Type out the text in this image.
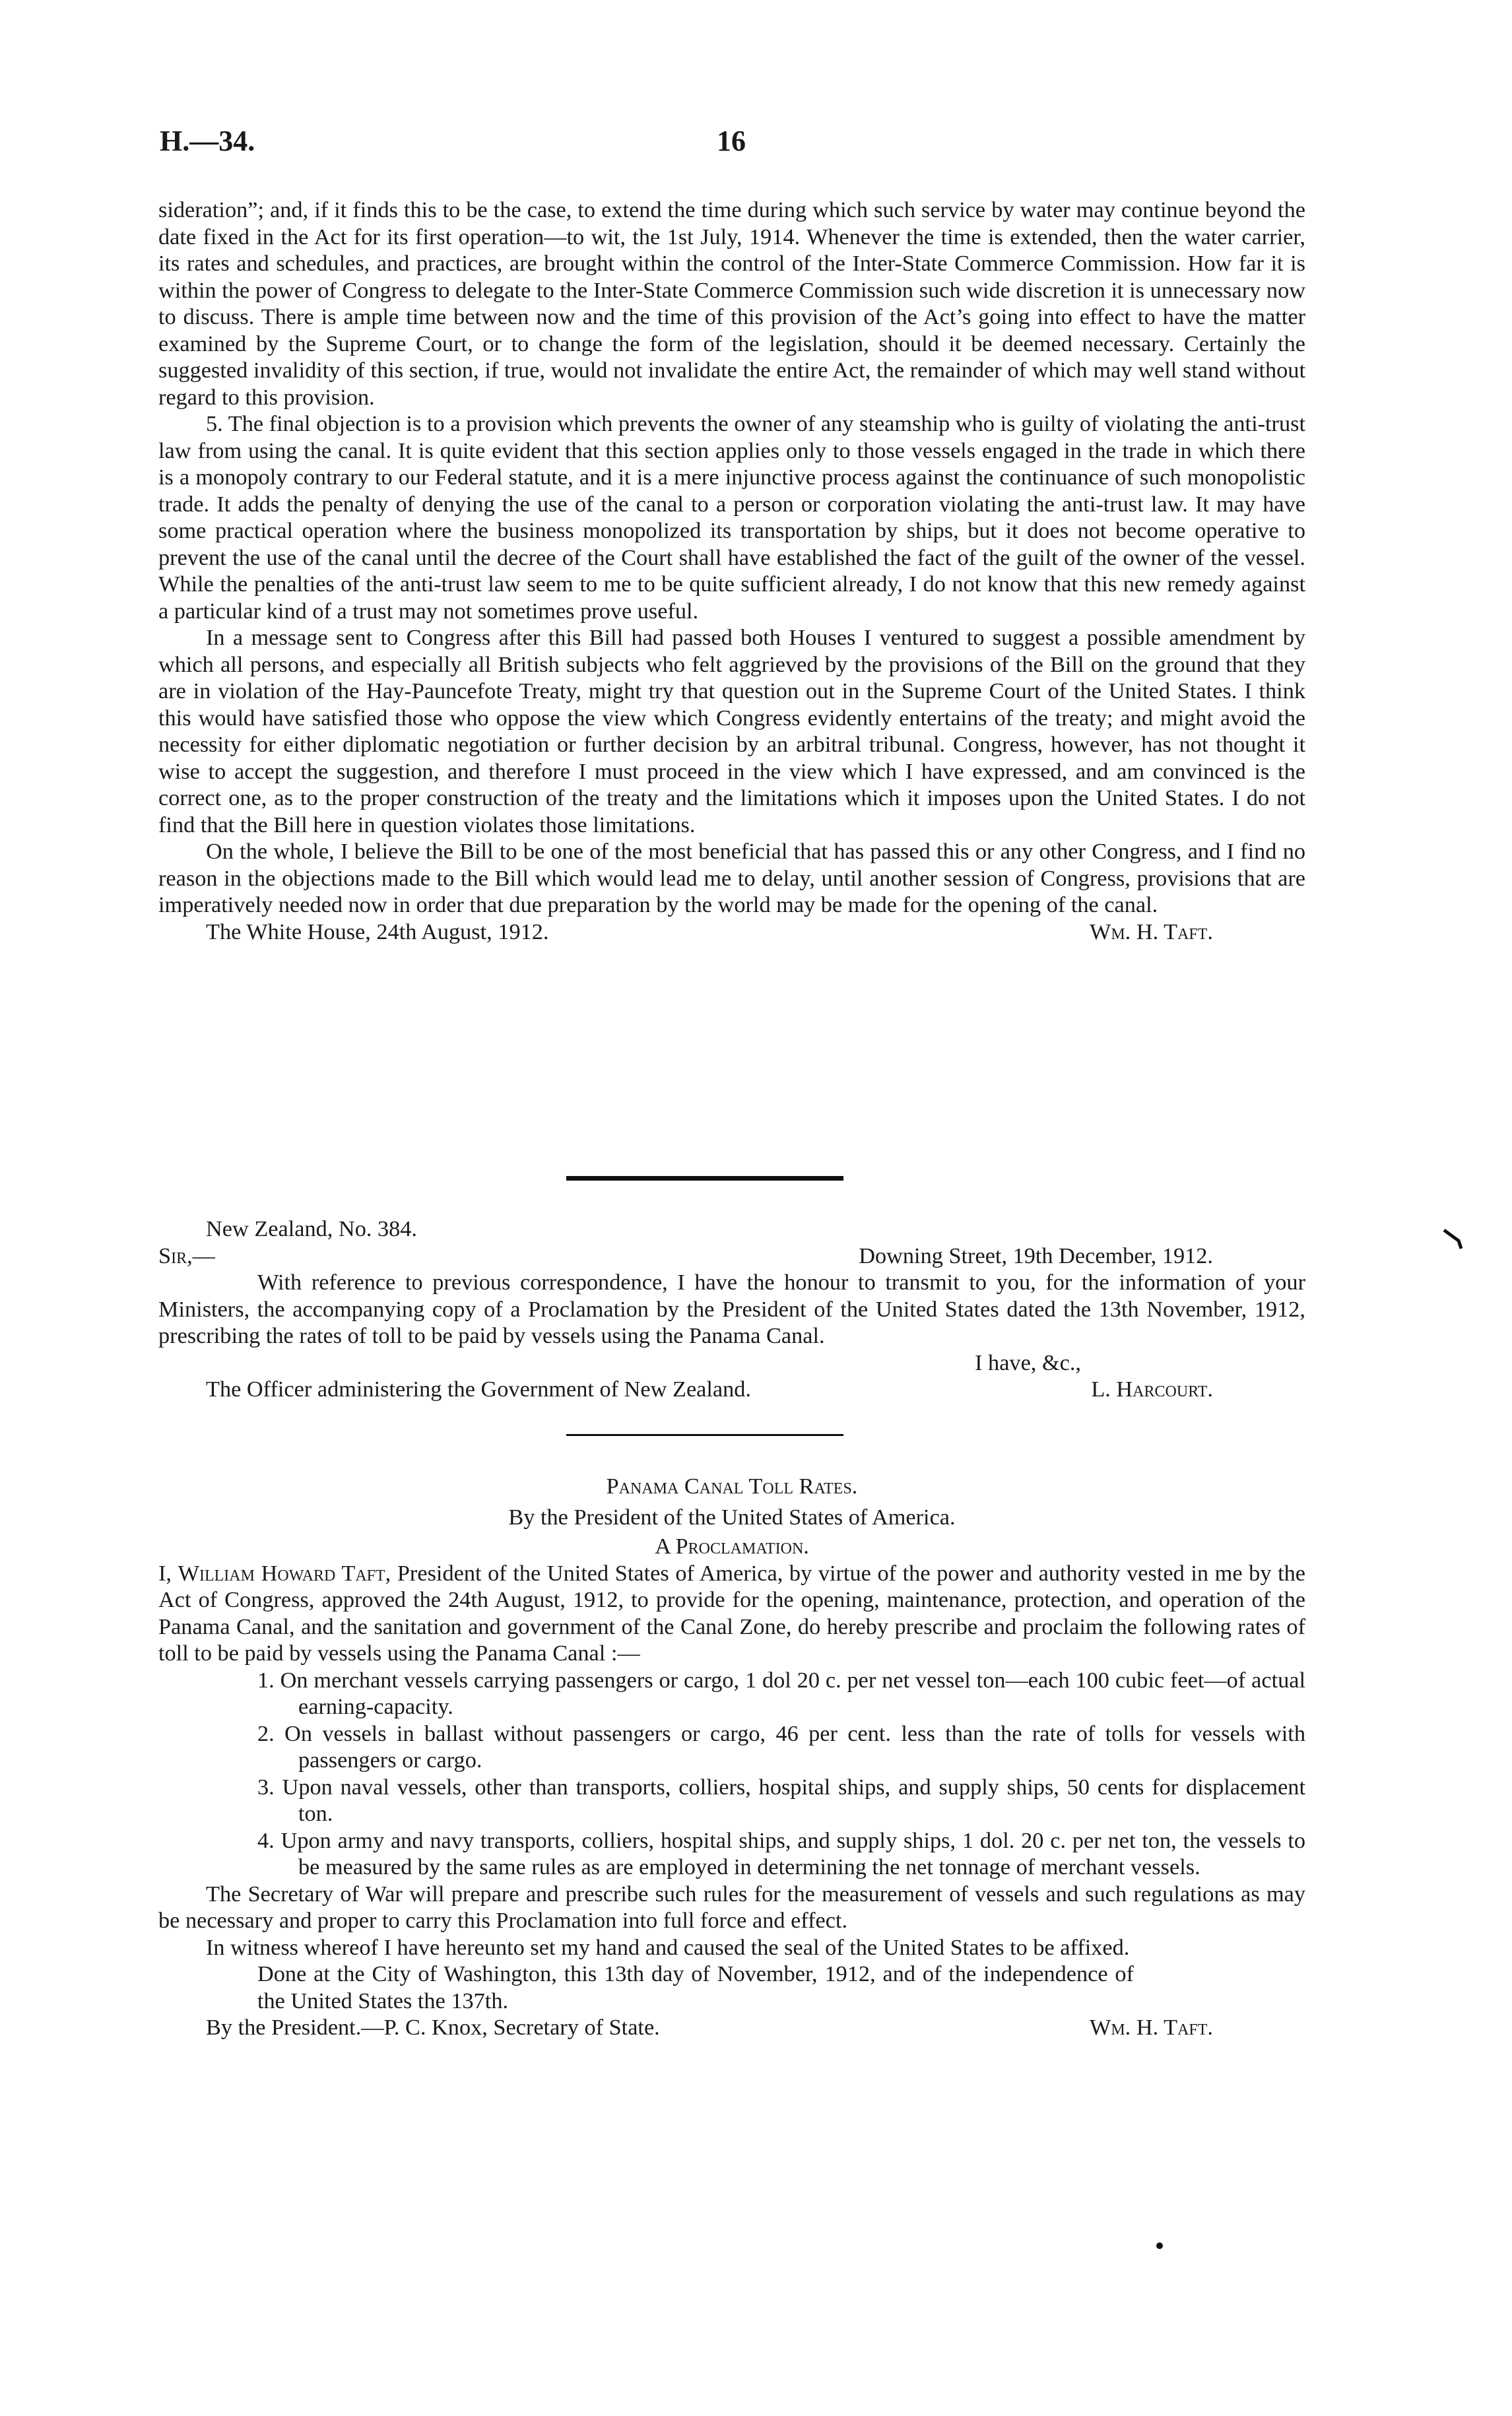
H.—34.	16

sideration”; and, if it finds this to be the case, to extend the time during which such service by water may continue beyond the date fixed in the Act for its first operation—to wit, the 1st July, 1914. Whenever the time is extended, then the water carrier, its rates and schedules, and practices, are brought within the control of the Inter-State Commerce Commission. How far it is within the power of Congress to delegate to the Inter-State Commerce Commission such wide discretion it is unnecessary now to discuss. There is ample time between now and the time of this provision of the Act’s going into effect to have the matter examined by the Supreme Court, or to change the form of the legislation, should it be deemed necessary. Certainly the suggested invalidity of this section, if true, would not invalidate the entire Act, the remainder of which may well stand without regard to this provision.

5. The final objection is to a provision which prevents the owner of any steamship who is guilty of violating the anti-trust law from using the canal. It is quite evident that this section applies only to those vessels engaged in the trade in which there is a monopoly contrary to our Federal statute, and it is a mere injunctive process against the continuance of such monopolistic trade. It adds the penalty of denying the use of the canal to a person or corporation violating the anti-trust law. It may have some practical operation where the business monopolized its transportation by ships, but it does not become operative to prevent the use of the canal until the decree of the Court shall have established the fact of the guilt of the owner of the vessel. While the penalties of the anti-trust law seem to me to be quite sufficient already, I do not know that this new remedy against a particular kind of a trust may not sometimes prove useful.

In a message sent to Congress after this Bill had passed both Houses I ventured to suggest a possible amendment by which all persons, and especially all British subjects who felt aggrieved by the provisions of the Bill on the ground that they are in violation of the Hay-Pauncefote Treaty, might try that question out in the Supreme Court of the United States. I think this would have satisfied those who oppose the view which Congress evidently entertains of the treaty; and might avoid the necessity for either diplomatic negotiation or further decision by an arbitral tribunal. Congress, however, has not thought it wise to accept the suggestion, and therefore I must proceed in the view which I have expressed, and am convinced is the correct one, as to the proper construction of the treaty and the limitations which it imposes upon the United States. I do not find that the Bill here in question violates those limitations.

On the whole, I believe the Bill to be one of the most beneficial that has passed this or any other Congress, and I find no reason in the objections made to the Bill which would lead me to delay, until another session of Congress, provisions that are imperatively needed now in order that due preparation by the world may be made for the opening of the canal.

The White House, 24th August, 1912.	Wm. H. Taft.

New Zealand, No. 384.

Sir,—	Downing Street, 19th December, 1912.

With reference to previous correspondence, I have the honour to transmit to you, for the information of your Ministers, the accompanying copy of a Proclamation by the President of the United States dated the 13th November, 1912, prescribing the rates of toll to be paid by vessels using the Panama Canal.

I have, &c.,
The Officer administering the Government of New Zealand.	L. Harcourt.
Panama Canal Toll Rates.
By the President of the United States of America.
A Proclamation.

I, William Howard Taft, President of the United States of America, by virtue of the power and authority vested in me by the Act of Congress, approved the 24th August, 1912, to provide for the opening, maintenance, protection, and operation of the Panama Canal, and the sanitation and government of the Canal Zone, do hereby prescribe and proclaim the following rates of toll to be paid by vessels using the Panama Canal :—

1. On merchant vessels carrying passengers or cargo, 1 dol 20 c. per net vessel ton—each 100 cubic feet—of actual earning-capacity.
2. On vessels in ballast without passengers or cargo, 46 per cent. less than the rate of tolls for vessels with passengers or cargo.
3. Upon naval vessels, other than transports, colliers, hospital ships, and supply ships, 50 cents for displacement ton.
4. Upon army and navy transports, colliers, hospital ships, and supply ships, 1 dol. 20 c. per net ton, the vessels to be measured by the same rules as are employed in determining the net tonnage of merchant vessels.

The Secretary of War will prepare and prescribe such rules for the measurement of vessels and such regulations as may be necessary and proper to carry this Proclamation into full force and effect.

In witness whereof I have hereunto set my hand and caused the seal of the United States to be affixed.

Done at the City of Washington, this 13th day of November, 1912, and of the independence of the United States the 137th.

By the President.—P. C. Knox, Secretary of State.	Wm. H. Taft.
